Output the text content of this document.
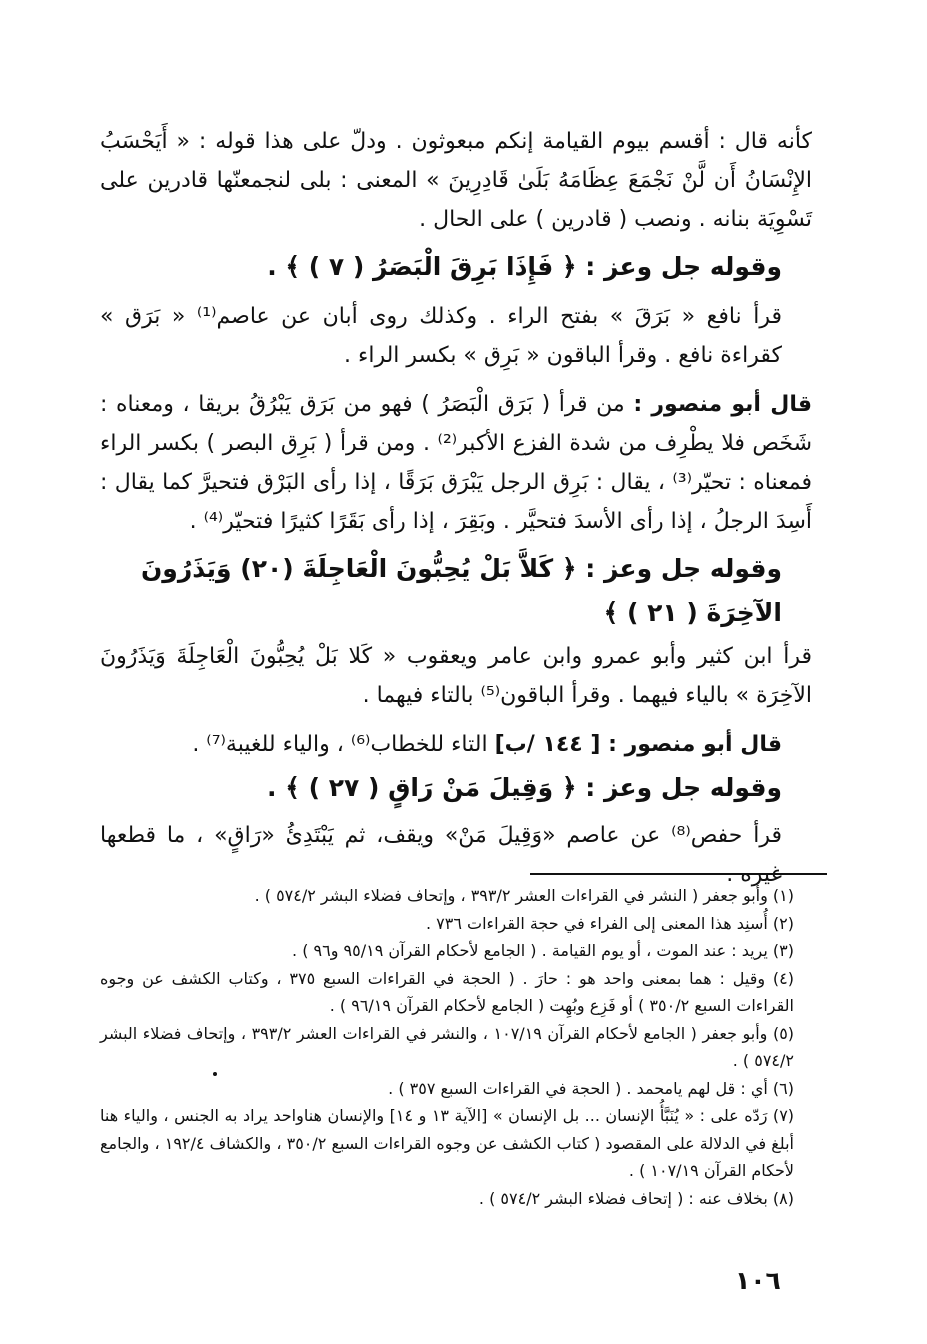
كأنه قال : أقسم بيوم القيامة إنكم مبعوثون . ودلّ على هذا قوله : « أَيَحْسَبُ الإِنْسَانُ أَن لَّنْ نَجْمَعَ عِظَامَهُ بَلَىٰ قَادِرِينَ » المعنى : بلى لنجمعنّها قادرين على تَسْوِيَة بنانه . ونصب ( قادرين ) على الحال .

وقوله جل وعز : ﴿ فَإِذَا بَرِقَ الْبَصَرُ ( ٧ ) ﴾ .

قرأ نافع « بَرَقَ » بفتح الراء . وكذلك روى أبان عن عاصم⁽¹⁾ « بَرَق » كقراءة نافع . وقرأ الباقون « بَرِق » بكسر الراء .

قال أبو منصور : من قرأ ( بَرَق الْبَصَرُ ) فهو من بَرَق يَبْرُقُ بريقا ، ومعناه : شَخَص فلا يطْرِف من شدة الفزع الأكبر⁽²⁾ . ومن قرأ ( بَرِق البصر ) بكسر الراء فمعناه : تحيّر⁽³⁾ ، يقال : بَرِق الرجل يَبْرَق بَرَقًا ، إذا رأى البَرْق فتحيرَّ كما يقال : أَسِدَ الرجلُ ، إذا رأى الأسدَ فتحيَّر . وبَقِرَ ، إذا رأى بَقَرًا كثيرًا فتحيّر⁽⁴⁾ .

وقوله جل وعز : ﴿ كَلاَّ بَلْ يُحِبُّونَ الْعَاجِلَةَ (٢٠) وَيَذَرُونَ الآخِرَةَ ( ٢١ ) ﴾

قرأ ابن كثير وأبو عمرو وابن عامر ويعقوب « كَلا بَلْ يُحِبُّونَ الْعَاجِلَةَ وَيَذَرُونَ الآخِرَة » بالياء فيهما . وقرأ الباقون⁽⁵⁾ بالتاء فيهما .

قال أبو منصور : [ ١٤٤ /ب] التاء للخطاب⁽⁶⁾ ، والياء للغيبة⁽⁷⁾ .

وقوله جل وعز : ﴿ وَقِيلَ مَنْ رَاقٍ ( ٢٧ ) ﴾ .

قرأ حفص⁽⁸⁾ عن عاصم «وَقِيلَ مَنْ» ويقف، ثم يَبْتَدِئُ «رَاقٍ» ، ما قطعها غيره .

(١) وأبو جعفر ( النشر في القراءات العشر ٣٩٣/٢ ، وإتحاف فضلاء البشر ٥٧٤/٢ ) .
(٢) أُسنِد هذا المعنى إلى الفراء في حجة القراءات ٧٣٦ .
(٣) يريد : عند الموت ، أو يوم القيامة . ( الجامع لأحكام القرآن ٩٥/١٩ و٩٦ ) .
(٤) وقيل : هما بمعنى واحد هو : حارَ . ( الحجة في القراءات السبع ٣٧٥ ، وكتاب الكشف عن وجوه القراءات السبع ٣٥٠/٢ ) أو فَزِع وبُهِت ( الجامع لأحكام القرآن ٩٦/١٩ ) .
(٥) وأبو جعفر ( الجامع لأحكام القرآن ١٠٧/١٩ ، والنشر في القراءات العشر ٣٩٣/٢ ، وإتحاف فضلاء البشر ٥٧٤/٢ ) .
(٦) أي : قل لهم يامحمد . ( الحجة في القراءات السبع ٣٥٧ ) .
(٧) رَدّه على : « يُنَبَّأُ الإنسان ... بل الإنسان » [الآية ١٣ و ١٤] والإنسان هناواحد يراد به الجنس ، والياء هنا أبلغ في الدلالة على المقصود ( كتاب الكشف عن وجوه القراءات السبع ٣٥٠/٢ ، والكشاف ١٩٢/٤ ، والجامع لأحكام القرآن ١٠٧/١٩ ) .
(٨) بخلاف عنه : ( إتحاف فضلاء البشر ٥٧٤/٢ ) .
١٠٦
